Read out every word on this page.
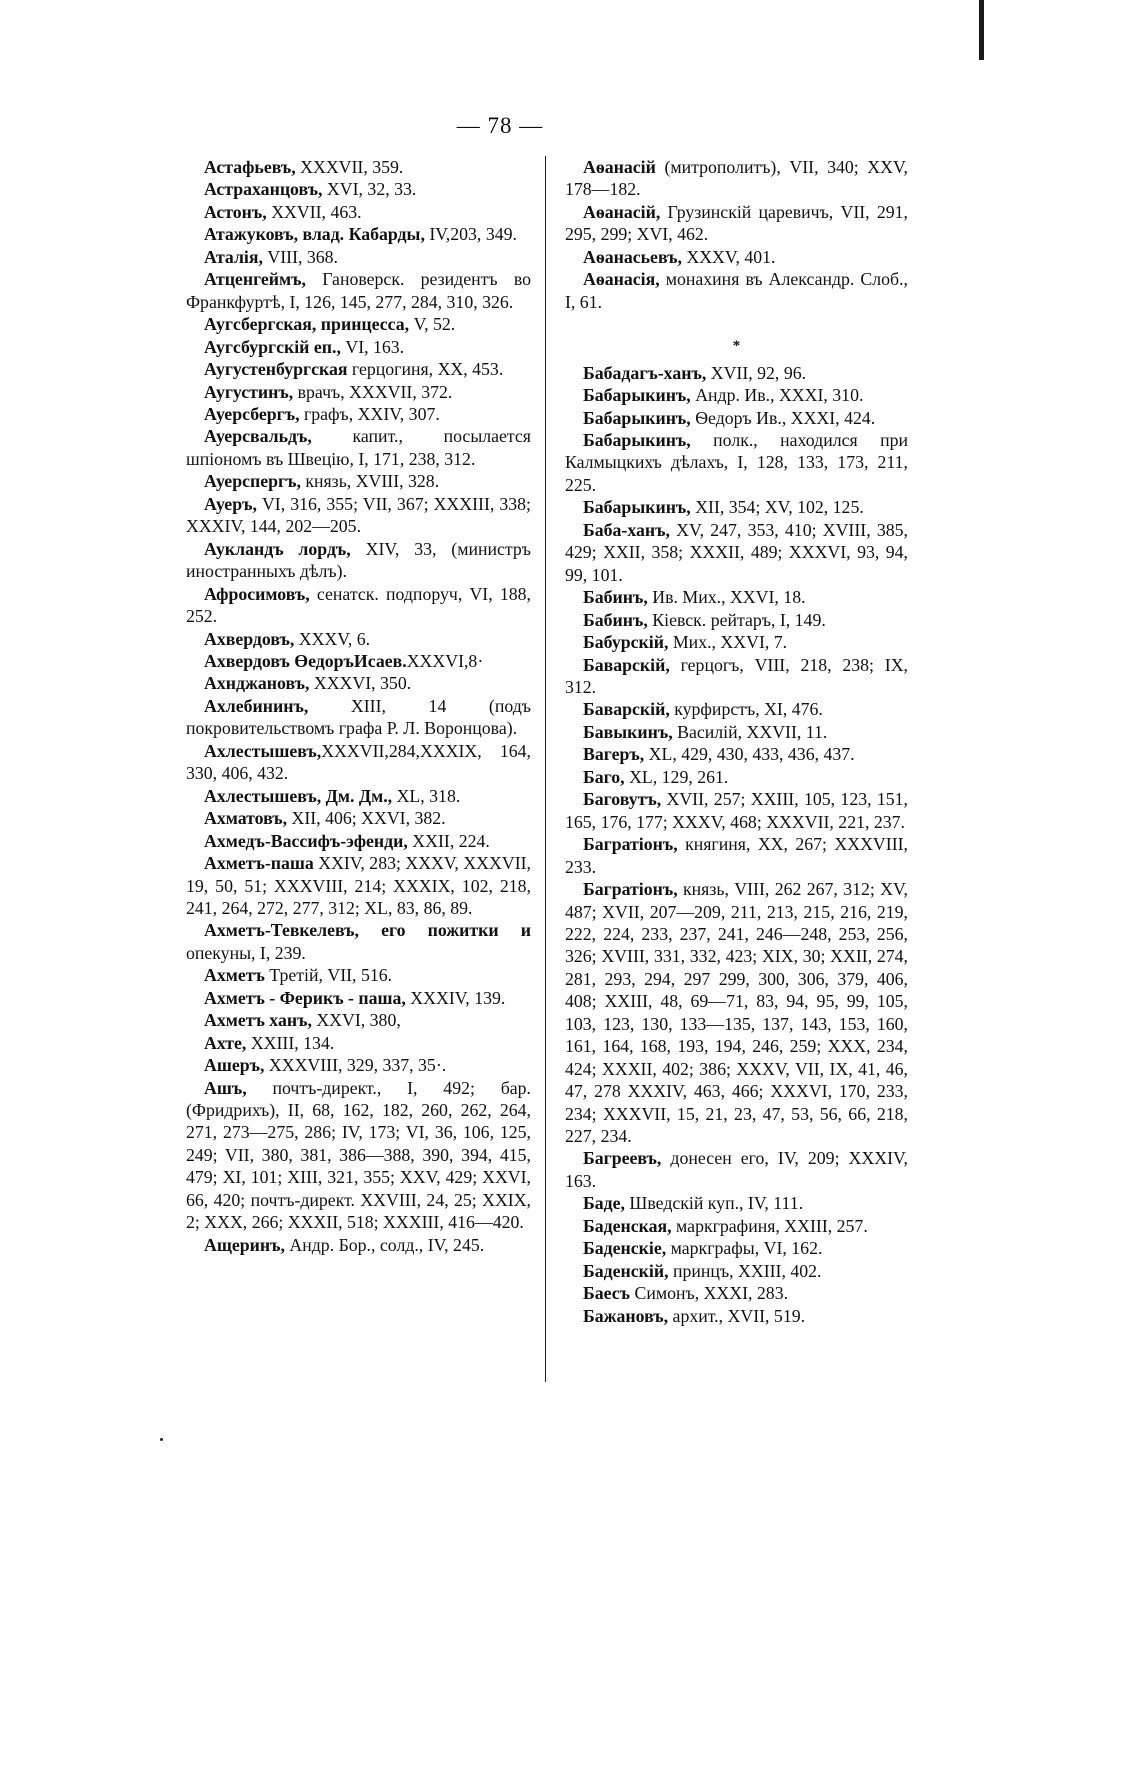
— 78 —

Астафьевъ, XXXVII, 359.

Астраханцовъ, XVI, 32, 33.

Астонъ, XXVII, 463.

Атажуковъ, влад. Кабарды, IV,203, 349.

Аталія, VIII, 368.

Атценгеймъ, Гановерск. резидентъ во Франкфуртѣ, I, 126, 145, 277, 284, 310, 326.

Аугсбергская, принцесса, V, 52.

Аугсбургскій еп., VI, 163.

Аугустенбургская герцогиня, XX, 453.

Аугустинъ, врачъ, XXXVII, 372.

Ауерсбергъ, графъ, XXIV, 307.

Ауерсвальдъ, капит., посылается шпіономъ въ Швецію, I, 171, 238, 312.

Ауерспергъ, князь, XVIII, 328.

Ауеръ, VI, 316, 355; VII, 367; XXXIII, 338; XXXIV, 144, 202—205.

Аукландъ лордъ, XIV, 33, (министръ иностранныхъ дѣлъ).

Афросимовъ, сенатск. подпоруч, VI, 188, 252.

Ахвердовъ, XXXV, 6.

Ахвердовъ ӨедоръИсаев.XXXVI,8·

Ахнджановъ, XXXVI, 350.

Ахлебининъ, XIII, 14 (подъ покровительствомъ графа Р. Л. Воронцова).

Ахлестышевъ,XXXVII,284,XXXIX, 164, 330, 406, 432.

Ахлестышевъ, Дм. Дм., XL, 318.

Ахматовъ, XII, 406; XXVI, 382.

Ахмедъ-Вассифъ-эфенди, XXII, 224.

Ахметъ-паша XXIV, 283; XXXV, XXXVII, 19, 50, 51; XXXVIII, 214; XXXIX, 102, 218, 241, 264, 272, 277, 312; XL, 83, 86, 89.

Ахметъ-Тевкелевъ, его пожитки и опекуны, I, 239.

Ахметъ Третій, VII, 516.

Ахметъ - Ферикъ - паша, XXXIV, 139.

Ахметъ ханъ, XXVI, 380,

Ахте, XXIII, 134.

Ашеръ, XXXVIII, 329, 337, 35·.

Ашъ, почтъ-директ., I, 492; бар. (Фридрихъ), II, 68, 162, 182, 260, 262, 264, 271, 273—275, 286; IV, 173; VI, 36, 106, 125, 249; VII, 380, 381, 386—388, 390, 394, 415, 479; XI, 101; XIII, 321, 355; XXV, 429; XXVI, 66, 420; почтъ-директ. XXVIII, 24, 25; XXIX, 2; XXX, 266; XXXII, 518; XXXIII, 416—420.

Ащеринъ, Андр. Бор., солд., IV, 245.

Аѳанасій (митрополитъ), VII, 340; XXV, 178—182.

Аѳанасій, Грузинскій царевичъ, VII, 291, 295, 299; XVI, 462.

Аѳанасьевъ, XXXV, 401.

Аѳанасія, монахиня въ Александр. Слоб., I, 61.

*

Бабадагъ-ханъ, XVII, 92, 96.

Бабарыкинъ, Андр. Ив., XXXI, 310.

Бабарыкинъ, Ѳедоръ Ив., XXXI, 424.

Бабарыкинъ, полк., находился при Калмыцкихъ дѣлахъ, I, 128, 133, 173, 211, 225.

Бабарыкинъ, XII, 354; XV, 102, 125.

Баба-ханъ, XV, 247, 353, 410; XVIII, 385, 429; XXII, 358; XXXII, 489; XXXVI, 93, 94, 99, 101.

Бабинъ, Ив. Мих., XXVI, 18.

Бабинъ, Кіевск. рейтаръ, I, 149.

Бабурскій, Мих., XXVI, 7.

Баварскій, герцогъ, VIII, 218, 238; IX, 312.

Баварскій, курфирстъ, XI, 476.

Бавыкинъ, Василій, XXVII, 11.

Вагеръ, XL, 429, 430, 433, 436, 437.

Баго, XL, 129, 261.

Баговутъ, XVII, 257; XXIII, 105, 123, 151, 165, 176, 177; XXXV, 468; XXXVII, 221, 237.

Багратіонъ, княгиня, XX, 267; XXXVIII, 233.

Багратіонъ, князь, VIII, 262 267, 312; XV, 487; XVII, 207—209, 211, 213, 215, 216, 219, 222, 224, 233, 237, 241, 246—248, 253, 256, 326; XVIII, 331, 332, 423; XIX, 30; XXII, 274, 281, 293, 294, 297 299, 300, 306, 379, 406, 408; XXIII, 48, 69—71, 83, 94, 95, 99, 105, 103, 123, 130, 133—135, 137, 143, 153, 160, 161, 164, 168, 193, 194, 246, 259; XXX, 234, 424; XXXII, 402; 386; XXXV, VII, IX, 41, 46, 47, 278 XXXIV, 463, 466; XXXVI, 170, 233, 234; XXXVII, 15, 21, 23, 47, 53, 56, 66, 218, 227, 234.

Багреевъ, донесен его, IV, 209; XXXIV, 163.

Баде, Шведскій куп., IV, 111.

Баденская, маркграфиня, XXIII, 257.

Баденскіе, маркграфы, VI, 162.

Баденскій, принцъ, XXIII, 402.

Баесъ Симонъ, XXXI, 283.

Бажановъ, архит., XVII, 519.
